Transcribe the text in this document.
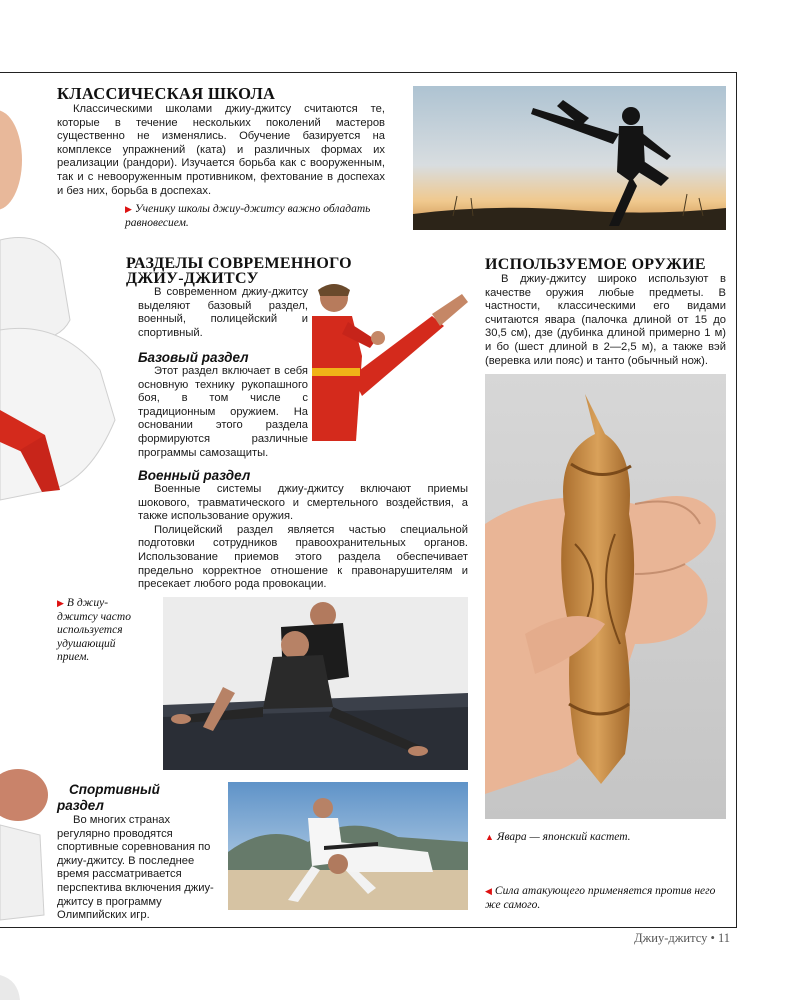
КЛАССИЧЕСКАЯ ШКОЛА

Классическими школами джиу-джитсу считаются те, которые в течение нескольких поколений мастеров существенно не изменялись. Обучение базируется на комплексе упражнений (ката) и различных формах их реализации (рандори). Изучается борьба как с вооруженным, так и с невооруженным противником, фехтование в доспехах и без них, борьба в доспехах.

▶ Ученику школы джиу-джитсу важно обладать равновесием.
РАЗДЕЛЫ СОВРЕМЕННОГО
ДЖИУ-ДЖИТСУ

В современном джиу-джитсу выделяют базовый раздел, военный, полицейский и спортивный.

Базовый раздел

Этот раздел включает в себя основную технику рукопашного боя, в том числе с традиционным оружием. На основании этого раздела формируются различные программы самозащиты.

Военный раздел

Военные системы джиу-джитсу включают приемы шокового, травматического и смертельного воздействия, а также использование оружия.

Полицейский раздел является частью специальной подготовки сотрудников правоохранительных органов. Использование приемов этого раздела обеспечивает предельно корректное отношение к правонарушителям и пресекает любого рода провокации.

▶ В джиу-джитсу часто используется удушающий прием.
Спортивный
раздел

Во многих странах регулярно проводятся спортивные соревнования по джиу-джитсу. В последнее время рассматривается перспектива включения джиу-джитсу в программу Олимпийских игр.

ИСПОЛЬЗУЕМОЕ ОРУЖИЕ

В джиу-джитсу широко используют в качестве оружия любые предметы. В частности, классическими его видами считаются явара (палочка длиной от 15 до 30,5 см), дзе (дубинка длиной примерно 1 м) и бо (шест длиной в 2—2,5 м), а также вэй (веревка или пояс) и танто (обычный нож).

▲ Явара — японский кастет.
◀ Сила атакующего применяется против него же самого.
Джиу-джитсу • 11
